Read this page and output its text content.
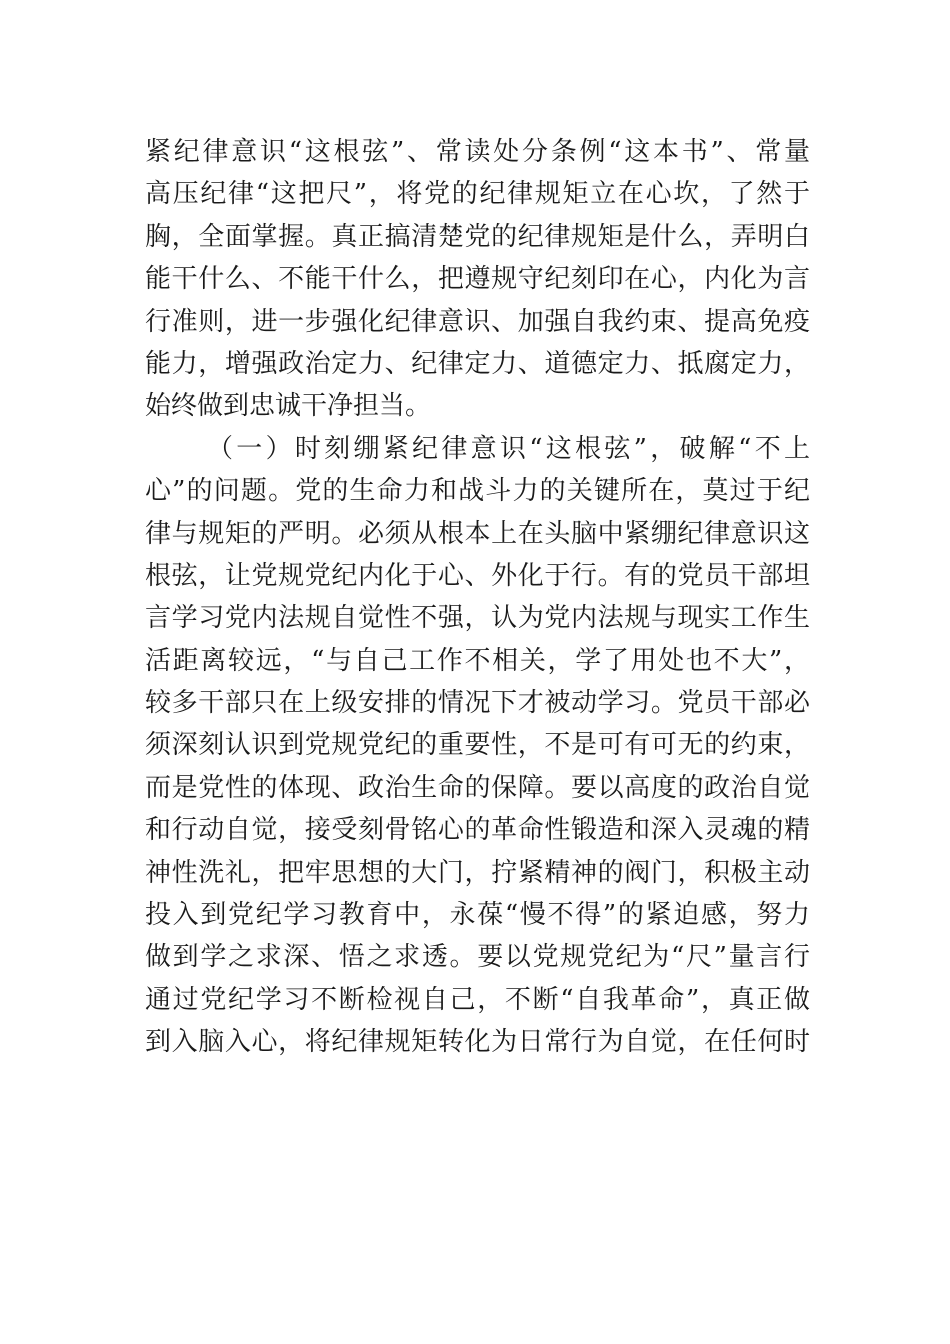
紧纪律意识“这根弦”、常读处分条例“这本书”、常量
高压纪律“这把尺”，将党的纪律规矩立在心坎，了然于
胸，全面掌握。真正搞清楚党的纪律规矩是什么，弄明白
能干什么、不能干什么，把遵规守纪刻印在心，内化为言
行准则，进一步强化纪律意识、加强自我约束、提高免疫
能力，增强政治定力、纪律定力、道德定力、抵腐定力，
始终做到忠诚干净担当。
（一）时刻绷紧纪律意识“这根弦”，破解“不上
心”的问题。党的生命力和战斗力的关键所在，莫过于纪
律与规矩的严明。必须从根本上在头脑中紧绷纪律意识这
根弦，让党规党纪内化于心、外化于行。有的党员干部坦
言学习党内法规自觉性不强，认为党内法规与现实工作生
活距离较远，“与自己工作不相关，学了用处也不大”，
较多干部只在上级安排的情况下才被动学习。党员干部必
须深刻认识到党规党纪的重要性，不是可有可无的约束，
而是党性的体现、政治生命的保障。要以高度的政治自觉
和行动自觉，接受刻骨铭心的革命性锻造和深入灵魂的精
神性洗礼，把牢思想的大门，拧紧精神的阀门，积极主动
投入到党纪学习教育中，永葆“慢不得”的紧迫感，努力
做到学之求深、悟之求透。要以党规党纪为“尺”量言行
通过党纪学习不断检视自己，不断“自我革命”，真正做
到入脑入心，将纪律规矩转化为日常行为自觉，在任何时
